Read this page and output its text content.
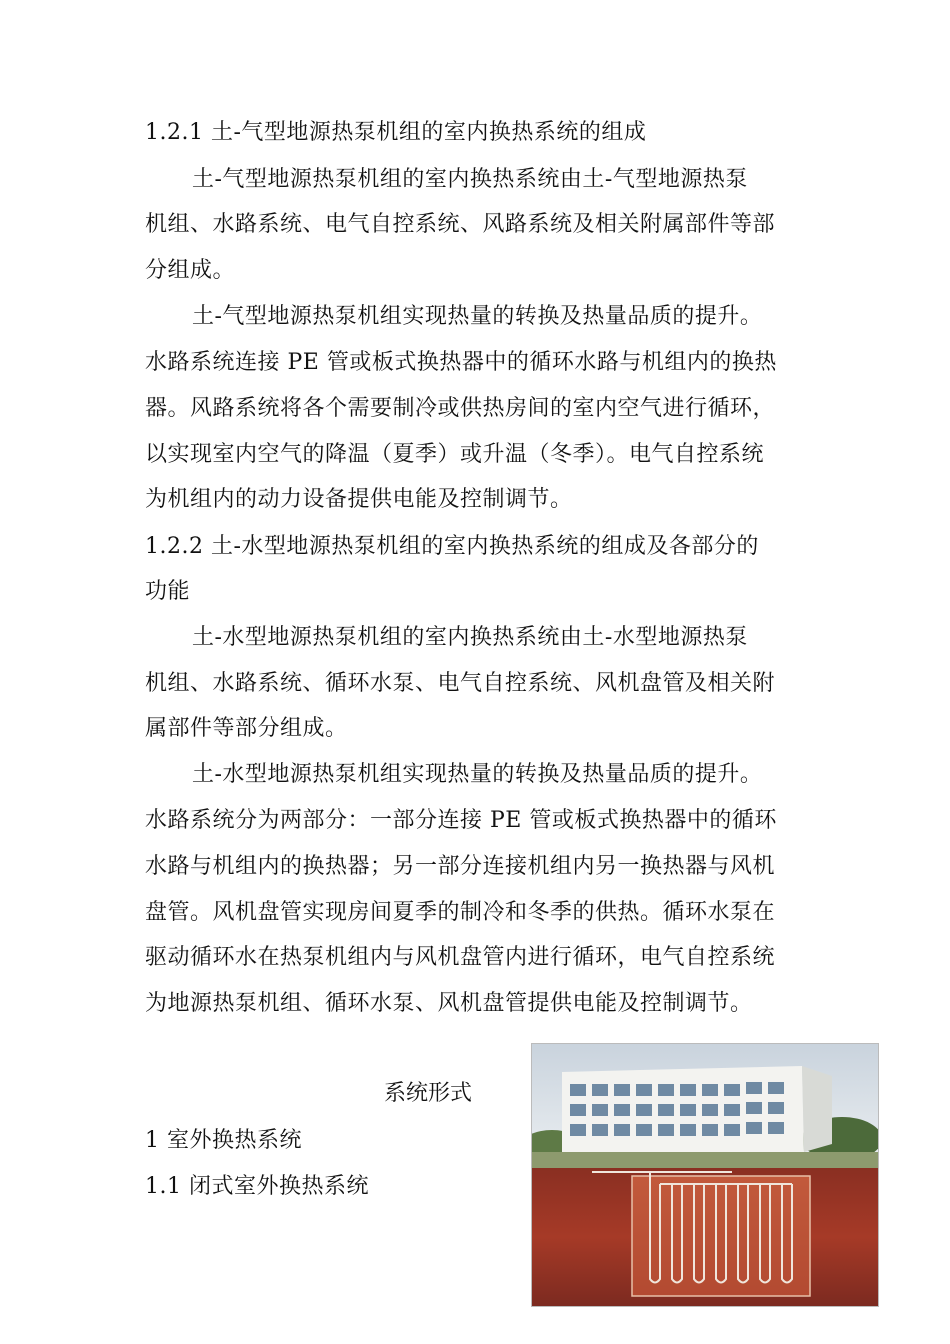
1.2.1 土-气型地源热泵机组的室内换热系统的组成
土-气型地源热泵机组的室内换热系统由土-气型地源热泵
机组、水路系统、电气自控系统、风路系统及相关附属部件等部
分组成。
土-气型地源热泵机组实现热量的转换及热量品质的提升。
水路系统连接 PE 管或板式换热器中的循环水路与机组内的换热
器。风路系统将各个需要制冷或供热房间的室内空气进行循环，
以实现室内空气的降温（夏季）或升温（冬季）。电气自控系统
为机组内的动力设备提供电能及控制调节。
1.2.2 土-水型地源热泵机组的室内换热系统的组成及各部分的
功能
土-水型地源热泵机组的室内换热系统由土-水型地源热泵
机组、水路系统、循环水泵、电气自控系统、风机盘管及相关附
属部件等部分组成。
土-水型地源热泵机组实现热量的转换及热量品质的提升。
水路系统分为两部分：一部分连接 PE 管或板式换热器中的循环
水路与机组内的换热器；另一部分连接机组内另一换热器与风机
盘管。风机盘管实现房间夏季的制冷和冬季的供热。循环水泵在
驱动循环水在热泵机组内与风机盘管内进行循环，电气自控系统
为地源热泵机组、循环水泵、风机盘管提供电能及控制调节。
系统形式
1 室外换热系统
1.1 闭式室外换热系统
